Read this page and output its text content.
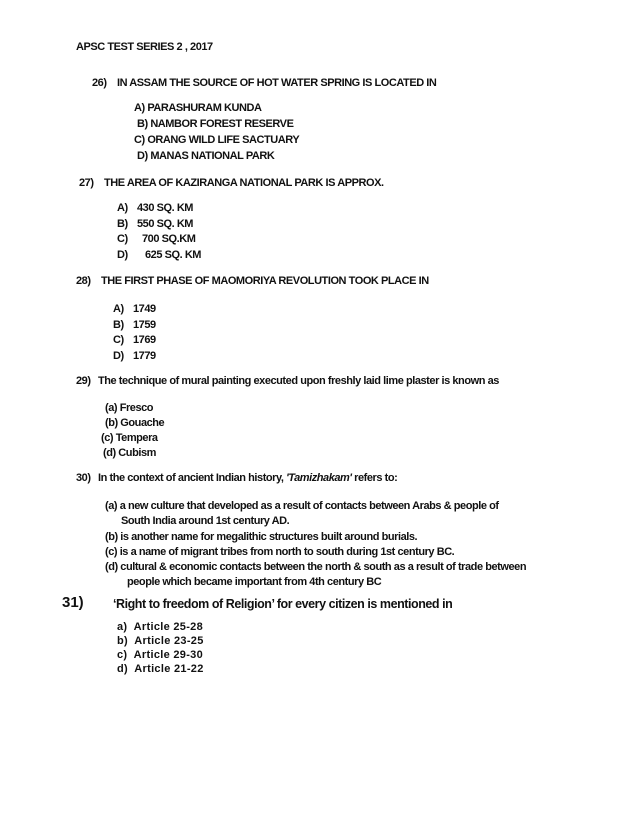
APSC TEST SERIES 2 , 2017
26) IN ASSAM THE SOURCE OF HOT WATER SPRING IS LOCATED IN
A) PARASHURAM KUNDA
B) NAMBOR FOREST RESERVE
C) ORANG WILD LIFE SACTUARY
D) MANAS NATIONAL PARK
27) THE AREA OF KAZIRANGA NATIONAL PARK IS APPROX.
A) 430 SQ. KM
B) 550 SQ. KM
C) 700 SQ.KM
D) 625 SQ. KM
28) THE FIRST PHASE OF MAOMORIYA REVOLUTION TOOK PLACE IN
A) 1749
B) 1759
C) 1769
D) 1779
29) The technique of mural painting executed upon freshly laid lime plaster is known as
(a) Fresco
(b) Gouache
(c) Tempera
(d) Cubism
30) In the context of ancient Indian history, 'Tamizhakam' refers to:
(a) a new culture that developed as a result of contacts between Arabs & people of
South India around 1st century AD.
(b) is another name for megalithic structures built around burials.
(c) is a name of migrant tribes from north to south during 1st century BC.
(d) cultural & economic contacts between the north & south as a result of trade between
people which became important from 4th century BC
31) ‘Right to freedom of Religion’ for every citizen is mentioned in
a)  Article 25-28
b)  Article 23-25
c)  Article 29-30
d)  Article 21-22
